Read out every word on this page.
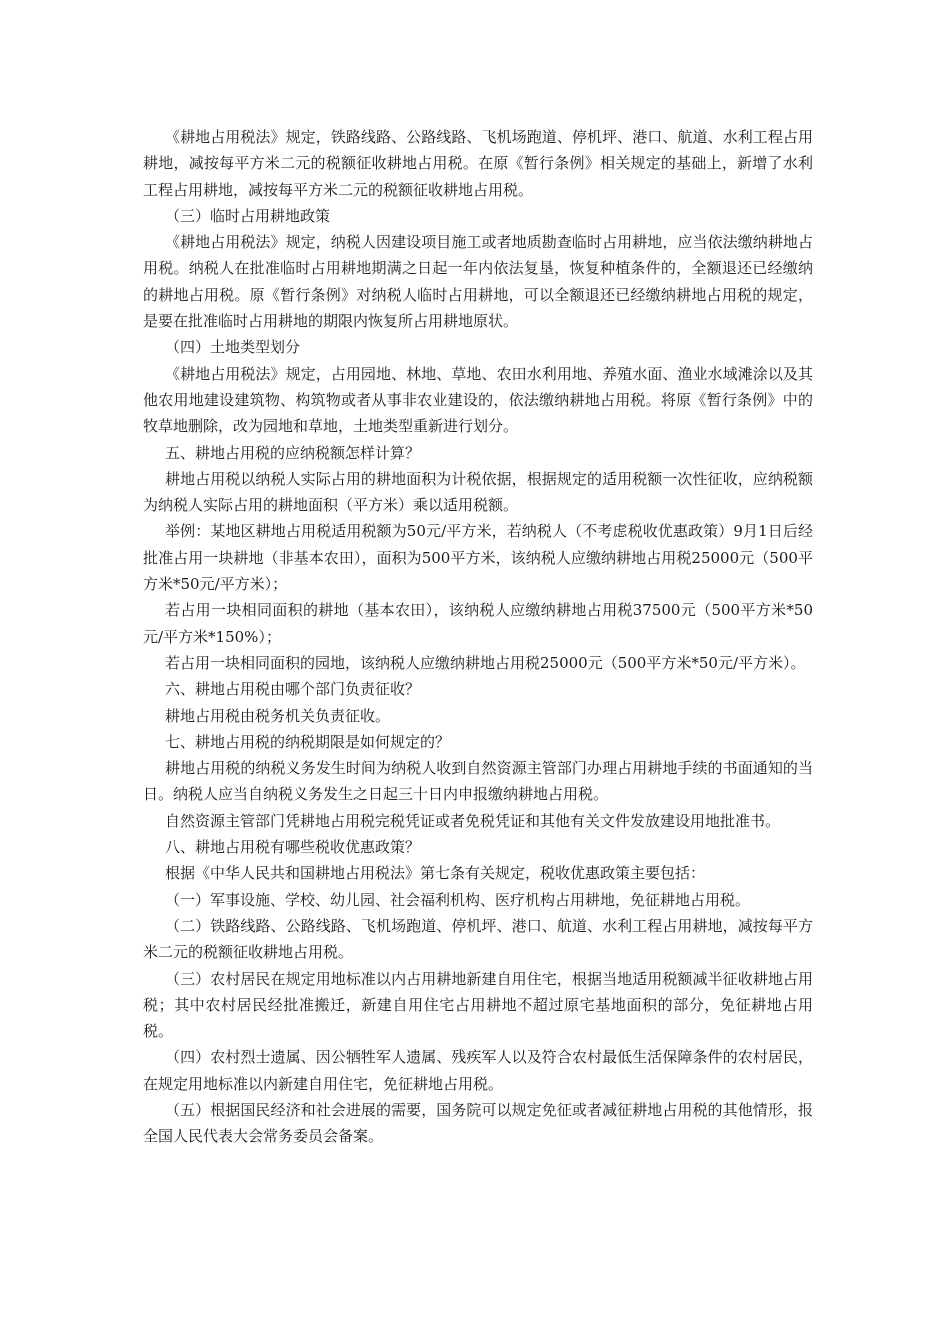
《耕地占用税法》规定，铁路线路、公路线路、飞机场跑道、停机坪、港口、航道、水利工程占用耕地，减按每平方米二元的税额征收耕地占用税。在原《暂行条例》相关规定的基础上，新增了水利工程占用耕地，减按每平方米二元的税额征收耕地占用税。

（三）临时占用耕地政策

《耕地占用税法》规定，纳税人因建设项目施工或者地质勘查临时占用耕地，应当依法缴纳耕地占用税。纳税人在批准临时占用耕地期满之日起一年内依法复垦，恢复种植条件的，全额退还已经缴纳的耕地占用税。原《暂行条例》对纳税人临时占用耕地，可以全额退还已经缴纳耕地占用税的规定，是要在批准临时占用耕地的期限内恢复所占用耕地原状。

（四）土地类型划分

《耕地占用税法》规定，占用园地、林地、草地、农田水利用地、养殖水面、渔业水域滩涂以及其他农用地建设建筑物、构筑物或者从事非农业建设的，依法缴纳耕地占用税。将原《暂行条例》中的牧草地删除，改为园地和草地，土地类型重新进行划分。

五、耕地占用税的应纳税额怎样计算？

耕地占用税以纳税人实际占用的耕地面积为计税依据，根据规定的适用税额一次性征收，应纳税额为纳税人实际占用的耕地面积（平方米）乘以适用税额。

举例：某地区耕地占用税适用税额为50元/平方米，若纳税人（不考虑税收优惠政策）9月1日后经批准占用一块耕地（非基本农田），面积为500平方米，该纳税人应缴纳耕地占用税25000元（500平方米*50元/平方米）；

若占用一块相同面积的耕地（基本农田），该纳税人应缴纳耕地占用税37500元（500平方米*50元/平方米*150%）；

若占用一块相同面积的园地，该纳税人应缴纳耕地占用税25000元（500平方米*50元/平方米）。

六、耕地占用税由哪个部门负责征收？

耕地占用税由税务机关负责征收。

七、耕地占用税的纳税期限是如何规定的？

耕地占用税的纳税义务发生时间为纳税人收到自然资源主管部门办理占用耕地手续的书面通知的当日。纳税人应当自纳税义务发生之日起三十日内申报缴纳耕地占用税。

自然资源主管部门凭耕地占用税完税凭证或者免税凭证和其他有关文件发放建设用地批准书。

八、耕地占用税有哪些税收优惠政策？

根据《中华人民共和国耕地占用税法》第七条有关规定，税收优惠政策主要包括：

（一）军事设施、学校、幼儿园、社会福利机构、医疗机构占用耕地，免征耕地占用税。

（二）铁路线路、公路线路、飞机场跑道、停机坪、港口、航道、水利工程占用耕地，减按每平方米二元的税额征收耕地占用税。

（三）农村居民在规定用地标准以内占用耕地新建自用住宅，根据当地适用税额减半征收耕地占用税；其中农村居民经批准搬迁，新建自用住宅占用耕地不超过原宅基地面积的部分，免征耕地占用税。

（四）农村烈士遗属、因公牺牲军人遗属、残疾军人以及符合农村最低生活保障条件的农村居民，在规定用地标准以内新建自用住宅，免征耕地占用税。

（五）根据国民经济和社会进展的需要，国务院可以规定免征或者减征耕地占用税的其他情形，报全国人民代表大会常务委员会备案。
